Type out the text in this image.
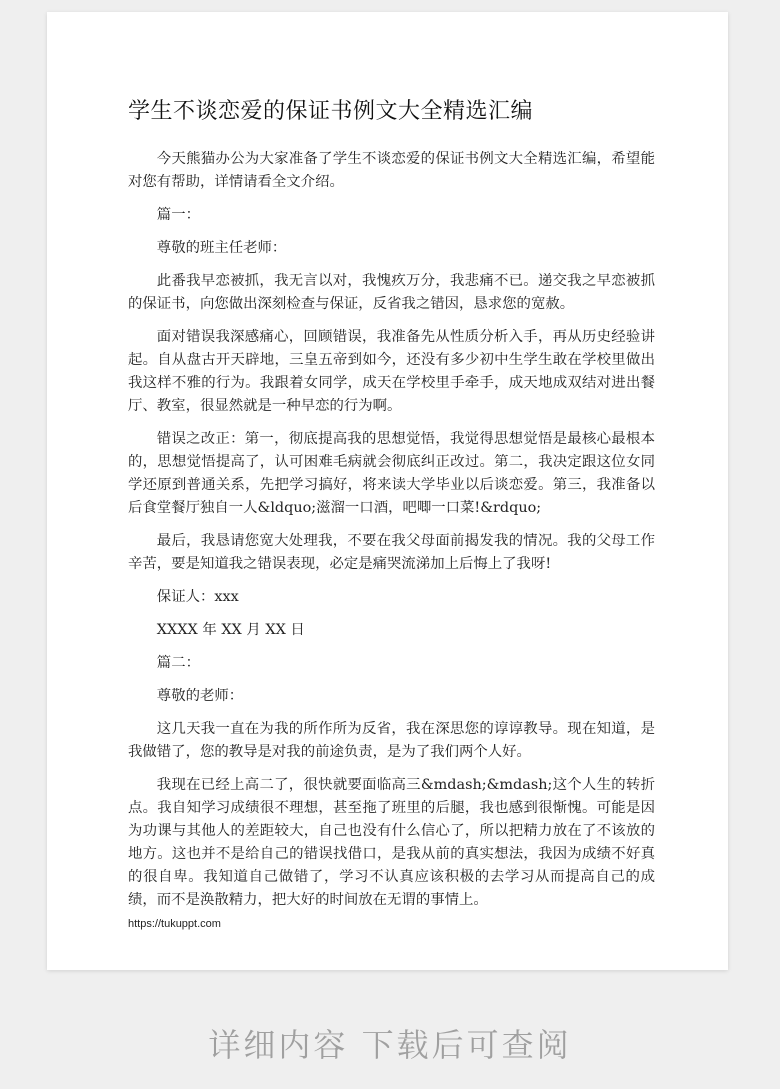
学生不谈恋爱的保证书例文大全精选汇编

今天熊猫办公为大家准备了学生不谈恋爱的保证书例文大全精选汇编，希望能对您有帮助，详情请看全文介绍。

篇一：

尊敬的班主任老师：

此番我早恋被抓，我无言以对，我愧疚万分，我悲痛不已。递交我之早恋被抓的保证书，向您做出深刻检查与保证，反省我之错因，恳求您的宽赦。

面对错误我深感痛心，回顾错误，我准备先从性质分析入手，再从历史经验讲起。自从盘古开天辟地，三皇五帝到如今，还没有多少初中生学生敢在学校里做出我这样不雅的行为。我跟着女同学，成天在学校里手牵手，成天地成双结对进出餐厅、教室，很显然就是一种早恋的行为啊。

错误之改正：第一，彻底提高我的思想觉悟，我觉得思想觉悟是最核心最根本的，思想觉悟提高了，认可困难毛病就会彻底纠正改过。第二，我决定跟这位女同学还原到普通关系，先把学习搞好，将来读大学毕业以后谈恋爱。第三，我准备以后食堂餐厅独自一人&ldquo;滋溜一口酒，吧唧一口菜!&rdquo;

最后，我恳请您宽大处理我，不要在我父母面前揭发我的情况。我的父母工作辛苦，要是知道我之错误表现，必定是痛哭流涕加上后悔上了我呀!

保证人：xxx

XXXX 年 XX 月 XX 日

篇二：

尊敬的老师：

这几天我一直在为我的所作所为反省，我在深思您的谆谆教导。现在知道，是我做错了，您的教导是对我的前途负责，是为了我们两个人好。

我现在已经上高二了，很快就要面临高三&mdash;&mdash;这个人生的转折点。我自知学习成绩很不理想，甚至拖了班里的后腿，我也感到很惭愧。可能是因为功课与其他人的差距较大，自己也没有什么信心了，所以把精力放在了不该放的地方。这也并不是给自己的错误找借口，是我从前的真实想法，我因为成绩不好真的很自卑。我知道自己做错了，学习不认真应该积极的去学习从而提高自己的成绩，而不是涣散精力，把大好的时间放在无谓的事情上。

https://tukuppt.com
详细内容 下载后可查阅
